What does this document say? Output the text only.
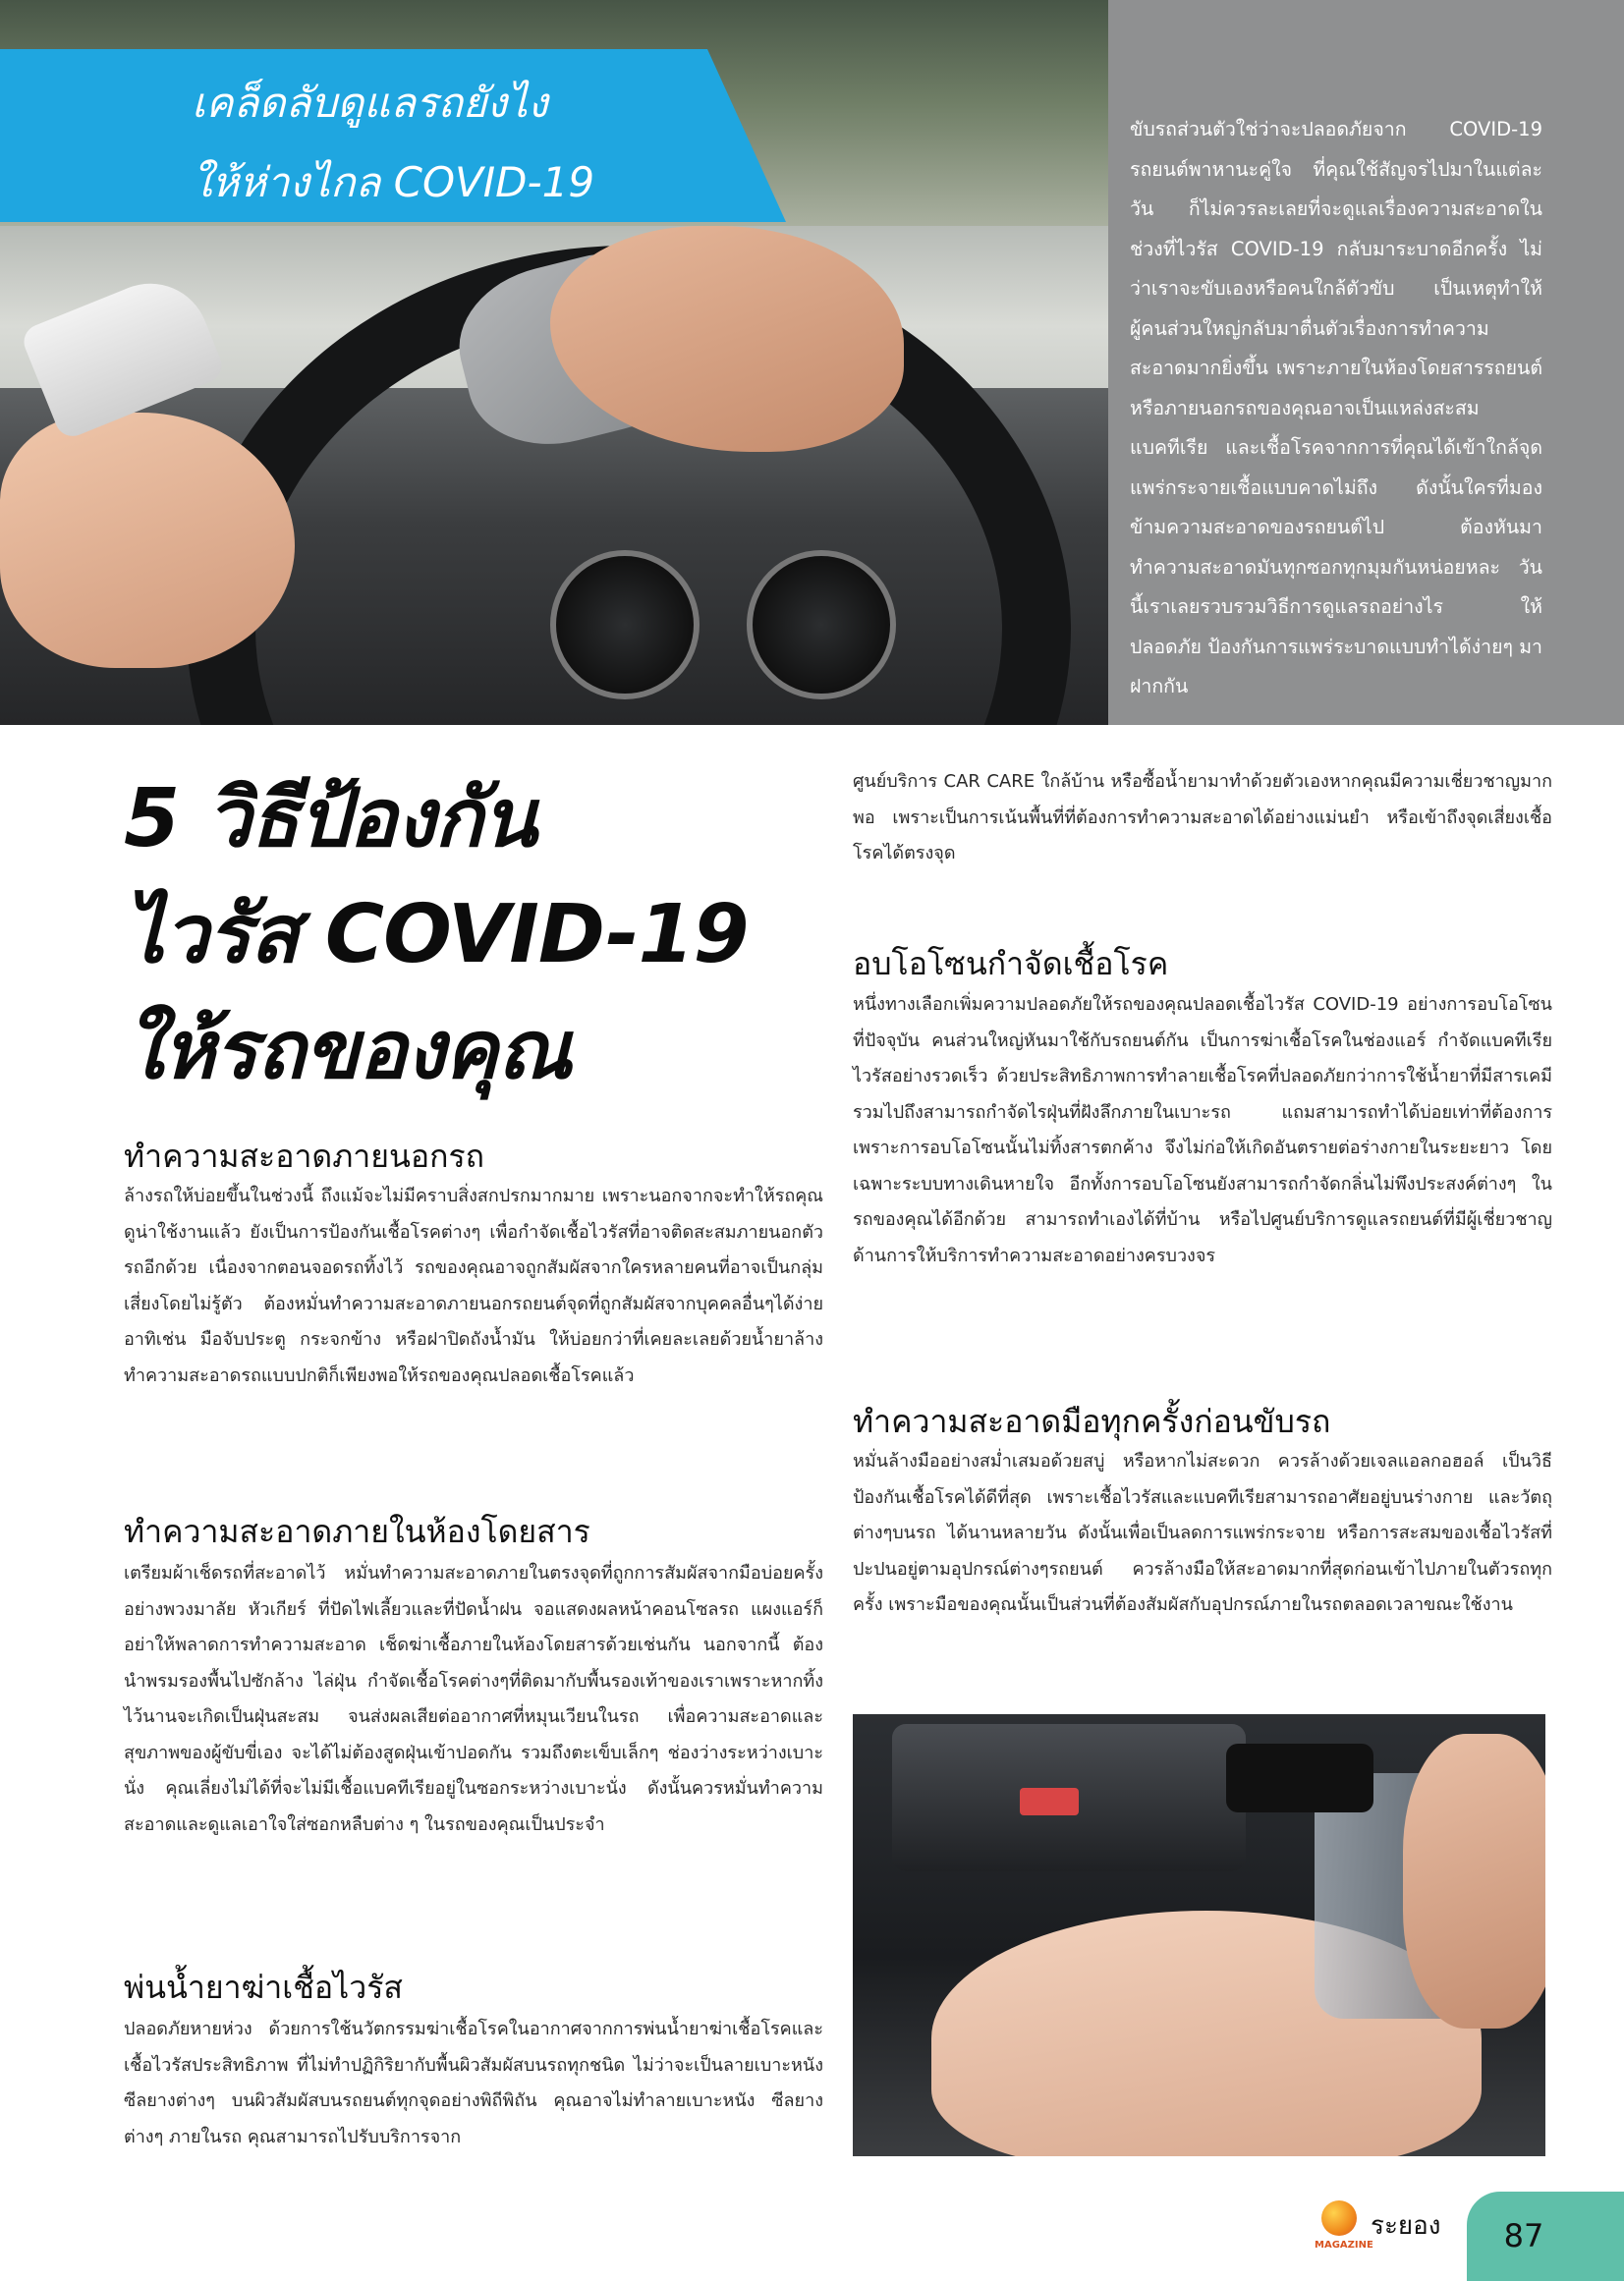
เคล็ดลับดูแลรถยังไง
ให้ห่างไกล COVID-19
ขับรถส่วนตัวใช่ว่าจะปลอดภัยจาก COVID-19 รถยนต์พาหานะคู่ใจ ที่คุณใช้สัญจรไปมาในแต่ละวัน ก็ไม่ควรละเลยที่จะดูแลเรื่องความสะอาดในช่วงที่ไวรัส COVID-19 กลับมาระบาดอีกครั้ง ไม่ว่าเราจะขับเองหรือคนใกล้ตัวขับ เป็นเหตุทำให้ผู้คนส่วนใหญ่กลับมาตื่นตัวเรื่องการทำความสะอาดมากยิ่งขึ้น เพราะภายในห้องโดยสารรถยนต์หรือภายนอกรถของคุณอาจเป็นแหล่งสะสมแบคทีเรีย และเชื้อโรคจากการที่คุณได้เข้าใกล้จุดแพร่กระจายเชื้อแบบคาดไม่ถึง ดังนั้นใครที่มองข้ามความสะอาดของรถยนต์ไป ต้องหันมาทำความสะอาดมันทุกซอกทุกมุมกันหน่อยหละ วันนี้เราเลยรวบรวมวิธีการดูแลรถอย่างไร ให้ปลอดภัย ป้องกันการแพร่ระบาดแบบทำได้ง่ายๆ มาฝากกัน
5 วิธีป้องกัน
ไวรัส COVID-19
ให้รถของคุณ
ทำความสะอาดภายนอกรถ
ล้างรถให้บ่อยขึ้นในช่วงนี้ ถึงแม้จะไม่มีคราบสิ่งสกปรกมากมาย เพราะนอกจากจะทำให้รถคุณดูน่าใช้งานแล้ว ยังเป็นการป้องกันเชื้อโรคต่างๆ เพื่อกำจัดเชื้อไวรัสที่อาจติดสะสมภายนอกตัวรถอีกด้วย เนื่องจากตอนจอดรถทิ้งไว้ รถของคุณอาจถูกสัมผัสจากใครหลายคนที่อาจเป็นกลุ่มเสี่ยงโดยไม่รู้ตัว ต้องหมั่นทำความสะอาดภายนอกรถยนต์จุดที่ถูกสัมผัสจากบุคคลอื่นๆได้ง่าย อาทิเช่น มือจับประตู กระจกข้าง หรือฝาปิดถังน้ำมัน ให้บ่อยกว่าที่เคยละเลยด้วยน้ำยาล้างทำความสะอาดรถแบบปกติก็เพียงพอให้รถของคุณปลอดเชื้อโรคแล้ว
ทำความสะอาดภายในห้องโดยสาร
เตรียมผ้าเช็ดรถที่สะอาดไว้ หมั่นทำความสะอาดภายในตรงจุดที่ถูกการสัมผัสจากมือบ่อยครั้ง อย่างพวงมาลัย หัวเกียร์ ที่ปัดไฟเลี้ยวและที่ปัดน้ำฝน จอแสดงผลหน้าคอนโซลรถ แผงแอร์ก็อย่าให้พลาดการทำความสะอาด เช็ดฆ่าเชื้อภายในห้องโดยสารด้วยเช่นกัน นอกจากนี้ ต้องนำพรมรองพื้นไปซักล้าง ไล่ฝุ่น กำจัดเชื้อโรคต่างๆที่ติดมากับพื้นรองเท้าของเราเพราะหากทิ้งไว้นานจะเกิดเป็นฝุ่นสะสม จนส่งผลเสียต่ออากาศที่หมุนเวียนในรถ เพื่อความสะอาดและสุขภาพของผู้ขับขี่เอง จะได้ไม่ต้องสูดฝุ่นเข้าปอดกัน รวมถึงตะเข็บเล็กๆ ช่องว่างระหว่างเบาะนั่ง คุณเลี่ยงไม่ได้ที่จะไม่มีเชื้อแบคทีเรียอยู่ในซอกระหว่างเบาะนั่ง ดังนั้นควรหมั่นทำความสะอาดและดูแลเอาใจใส่ซอกหลืบต่าง ๆ ในรถของคุณเป็นประจำ
พ่นน้ำยาฆ่าเชื้อไวรัส
ปลอดภัยหายห่วง ด้วยการใช้นวัตกรรมฆ่าเชื้อโรคในอากาศจากการพ่นน้ำยาฆ่าเชื้อโรคและเชื้อไวรัสประสิทธิภาพ ที่ไม่ทำปฏิกิริยากับพื้นผิวสัมผัสบนรถทุกชนิด ไม่ว่าจะเป็นลายเบาะหนัง ซีลยางต่างๆ บนผิวสัมผัสบนรถยนต์ทุกจุดอย่างพิถีพิถัน คุณอาจไม่ทำลายเบาะหนัง ซีลยางต่างๆ ภายในรถ คุณสามารถไปรับบริการจาก
ศูนย์บริการ CAR CARE ใกล้บ้าน หรือซื้อน้ำยามาทำด้วยตัวเองหากคุณมีความเชี่ยวชาญมากพอ เพราะเป็นการเน้นพื้นที่ที่ต้องการทำความสะอาดได้อย่างแม่นยำ หรือเข้าถึงจุดเสี่ยงเชื้อโรคได้ตรงจุด
อบโอโซนกำจัดเชื้อโรค
หนึ่งทางเลือกเพิ่มความปลอดภัยให้รถของคุณปลอดเชื้อไวรัส COVID-19 อย่างการอบโอโซนที่ปัจจุบัน คนส่วนใหญ่หันมาใช้กับรถยนต์กัน เป็นการฆ่าเชื้อโรคในช่องแอร์ กำจัดแบคทีเรีย ไวรัสอย่างรวดเร็ว ด้วยประสิทธิภาพการทำลายเชื้อโรคที่ปลอดภัยกว่าการใช้น้ำยาที่มีสารเคมี รวมไปถึงสามารถกำจัดไรฝุ่นที่ฝังลึกภายในเบาะรถ แถมสามารถทำได้บ่อยเท่าที่ต้องการ เพราะการอบโอโซนนั้นไม่ทิ้งสารตกค้าง จึงไม่ก่อให้เกิดอันตรายต่อร่างกายในระยะยาว โดยเฉพาะระบบทางเดินหายใจ อีกทั้งการอบโอโซนยังสามารถกำจัดกลิ่นไม่พึงประสงค์ต่างๆ ในรถของคุณได้อีกด้วย สามารถทำเองได้ที่บ้าน หรือไปศูนย์บริการดูแลรถยนต์ที่มีผู้เชี่ยวชาญด้านการให้บริการทำความสะอาดอย่างครบวงจร
ทำความสะอาดมือทุกครั้งก่อนขับรถ
หมั่นล้างมืออย่างสม่ำเสมอด้วยสบู่ หรือหากไม่สะดวก ควรล้างด้วยเจลแอลกอฮอล์ เป็นวิธีป้องกันเชื้อโรคได้ดีที่สุด เพราะเชื้อไวรัสและแบคทีเรียสามารถอาศัยอยู่บนร่างกาย และวัตถุต่างๆบนรถ ได้นานหลายวัน ดังนั้นเพื่อเป็นลดการแพร่กระจาย หรือการสะสมของเชื้อไวรัสที่ปะปนอยู่ตามอุปกรณ์ต่างๆรถยนต์ ควรล้างมือให้สะอาดมากที่สุดก่อนเข้าไปภายในตัวรถทุกครั้ง เพราะมือของคุณนั้นเป็นส่วนที่ต้องสัมผัสกับอุปกรณ์ภายในรถตลอดเวลาขณะใช้งาน
MAGAZINE
ระยอง	87
